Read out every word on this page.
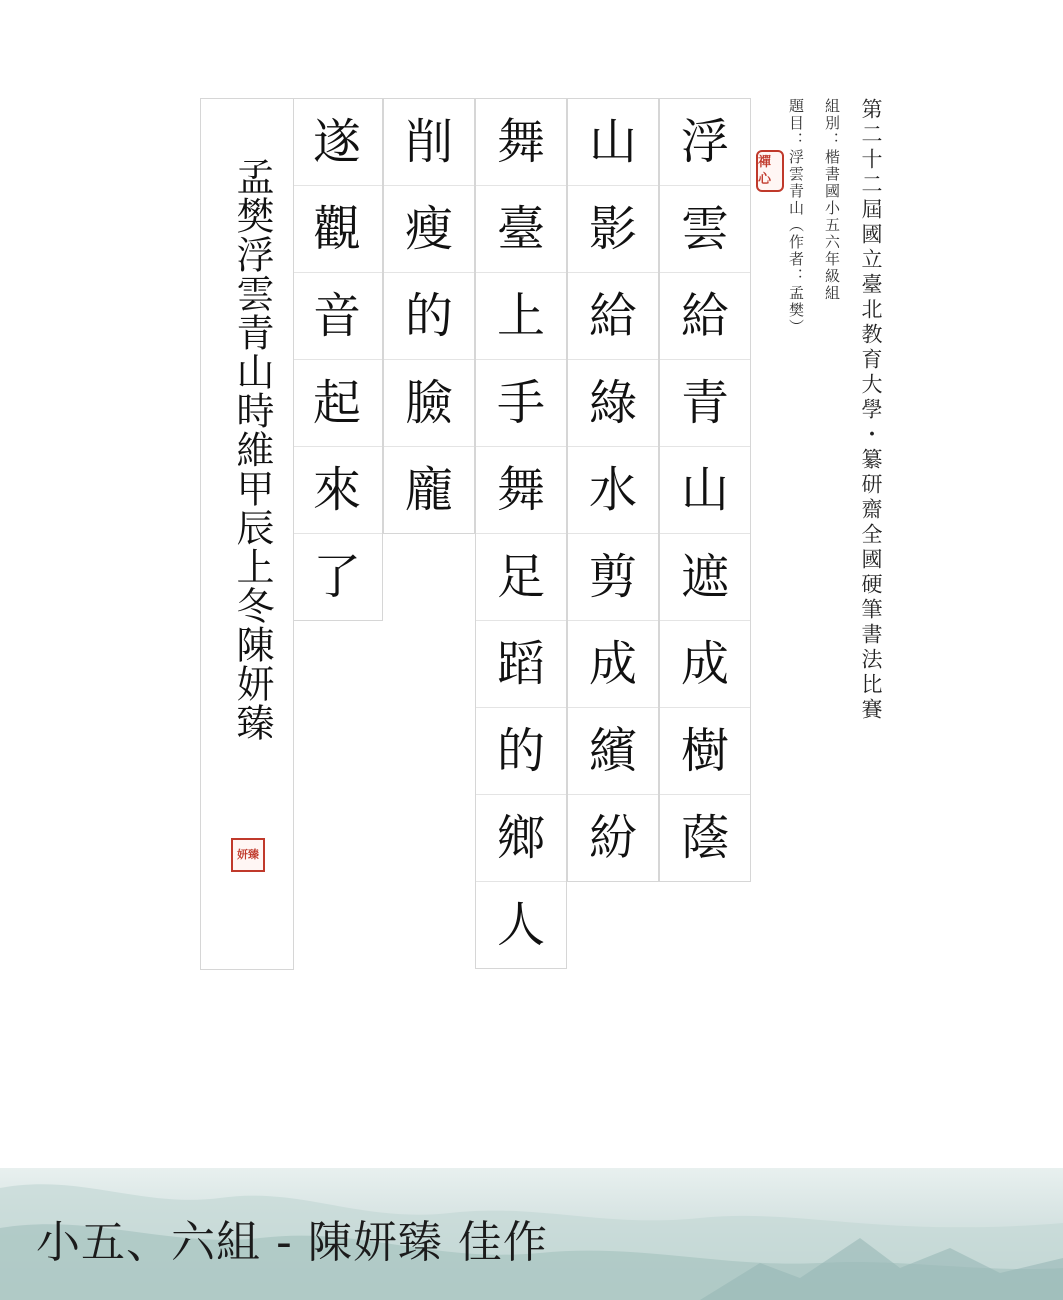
第二十二屆國立臺北教育大學・纂研齋全國硬筆書法比賽
組別：楷書國小五六年級組
題目：浮雲青山（作者：孟樊）
禪心
浮
雲
給
青
山
遮
成
樹
蔭
山
影
給
綠
水
剪
成
繽
紛
舞
臺
上
手
舞
足
蹈
的
鄉
人
削
瘦
的
臉
龐
遂
觀
音
起
來
了
孟樊浮雲青山時維甲辰上冬陳妍臻
妍臻
小五、六組 - 陳妍臻 佳作
